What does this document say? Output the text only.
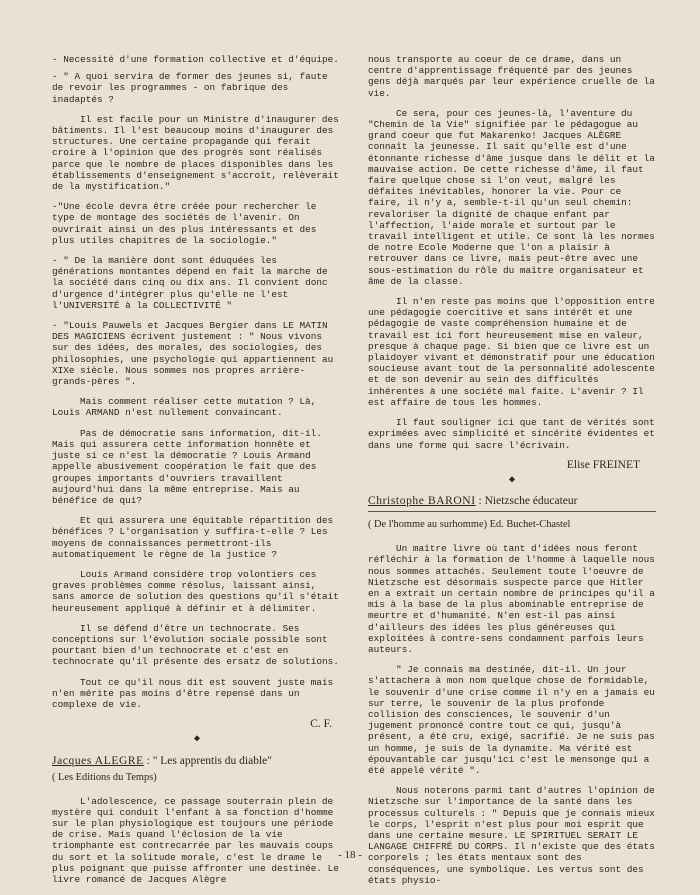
- Necessité d'une formation collective et d'équipe.

- " A quoi servira de former des jeunes si, faute de revoir les programmes - on fabrique des inadaptés ?

Il est facile pour un Ministre d'inaugurer des bâtiments. Il l'est beaucoup moins d'inaugurer des structures. Une certaine propagande qui ferait croire à l'opinion que des progrès sont réalisés parce que le nombre de places disponibles dans les établissements d'enseignement s'accroît, relèverait de la mystification."

-"Une école devra être créée pour rechercher le type de montage des sociétés de l'avenir. On ouvrirait ainsi un des plus intéressants et des plus utiles chapitres de la sociologie."

- " De la manière dont sont éduquées les générations montantes dépend en fait la marche de la société dans cinq ou dix ans. Il convient donc d'urgence d'intégrer plus qu'elle ne l'est l'UNIVERSITÉ à la COLLECTIVITÉ "

- "Louis Pauwels et Jacques Bergier dans LE MATIN DES MAGICIENS écrivent justement : " Nous vivons sur des idées, des morales, des sociologies, des philosophies, une psychologie qui appartiennent au XIXe siècle. Nous sommes nos propres arrière-grands-pères ".

Mais comment réaliser cette mutation ? Là, Louis ARMAND n'est nullement convaincant.

Pas de démocratie sans information, dit-il. Mais qui assurera cette information honnête et juste si ce n'est la démocratie ? Louis Armand appelle abusivement coopération le fait que des groupes importants d'ouvriers travaillent aujourd'hui dans la même entreprise. Mais au bénéfice de qui?

Et qui assurera une équitable répartition des bénéfices ? L'organisation y suffira-t-elle ? Les moyens de connaissances permettront-ils automatiquement le règne de la justice ?

Louis Armand considère trop volontiers ces graves problèmes comme résolus, laissant ainsi, sans amorce de solution des questions qu'il s'était heureusement appliqué à définir et à délimiter.

Il se défend d'être un technocrate. Ses conceptions sur l'évolution sociale possible sont pourtant bien d'un technocrate et c'est en technocrate qu'il présente des ersatz de solutions.

Tout ce qu'il nous dit est souvent juste mais n'en mérite pas moins d'être repensé dans un complexe de vie.

C. F.
◆
Jacques ALEGRE : " Les apprentis du diable"
( Les Editions du Temps)

L'adolescence, ce passage souterrain plein de mystère qui conduit l'enfant à sa fonction d'homme sur le plan physiologique est toujours une période de crise. Mais quand l'éclosion de la vie triomphante est contrecarrée par les mauvais coups du sort et la solitude morale, c'est le drame le plus poignant que puisse affronter une destinée. Le livre romancé de Jacques Alègre

nous transporte au coeur de ce drame, dans un centre d'apprentissage fréquenté par des jeunes gens déjà marqués par leur expérience cruelle de la vie.

Ce sera, pour ces jeunes-là, l'aventure du "Chemin de la Vie" signifiée par le pédagogue au grand coeur que fut Makarenko! Jacques ALÈGRE connaît la jeunesse. Il sait qu'elle est d'une étonnante richesse d'âme jusque dans le délit et la mauvaise action. De cette richesse d'âme, il faut faire quelque chose si l'on veut, malgré les défaites inévitables, honorer la vie. Pour ce faire, il n'y a, semble-t-il qu'un seul chemin: revaloriser la dignité de chaque enfant par l'affection, l'aide morale et surtout par le travail intelligent et utile. Ce sont là les normes de notre Ecole Moderne que l'on a plaisir à retrouver dans ce livre, mais peut-être avec une sous-estimation du rôle du maître organisateur et âme de la classe.

Il n'en reste pas moins que l'opposition entre une pédagogie coercitive et sans intérêt et une pédagogie de vaste compréhension humaine et de travail est ici fort heureusement mise en valeur, presque à chaque page. Si bien que ce livre est un plaidoyer vivant et démonstratif pour une éducation soucieuse avant tout de la personnalité adolescente et de son devenir au sein des difficultés inhérentes à une société mal faite. L'avenir ? Il est affaire de tous les hommes.

Il faut souligner ici que tant de vérités sont exprimées avec simplicité et sincérité évidentes et dans une forme qui sacre l'écrivain.

Elise FREINET
◆
Christophe BARONI : Nietzsche éducateur
( De l'homme au surhomme) Ed. Buchet-Chastel

Un maître livre où tant d'idées nous feront réfléchir à la formation de l'homme à laquelle nous nous sommes attachés. Seulement toute l'oeuvre de Nietzsche est désormais suspecte parce que Hitler en a extrait un certain nombre de principes qu'il a mis à la base de la plus abominable entreprise de meurtre et d'humanité. N'en est-il pas ainsi d'ailleurs des idées les plus généreuses qui exploitées à contre-sens condamnent parfois leurs auteurs.

" Je connais ma destinée, dit-il. Un jour s'attachera à mon nom quelque chose de formidable, le souvenir d'une crise comme il n'y en a jamais eu sur terre, le souvenir de la plus profonde collision des consciences, le souvenir d'un jugement prononcé contre tout ce qui, jusqu'à présent, a été cru, exigé, sacrifié. Je ne suis pas un homme, je suis de la dynamite. Ma vérité est épouvantable car jusqu'ici c'est le mensonge qui a été appelé vérité ".

Nous noterons parmi tant d'autres l'opinion de Nietzsche sur l'importance de la santé dans les processus culturels : " Depuis que je connais mieux le corps, l'esprit n'est plus pour moi esprit que dans une certaine mesure. LE SPIRITUEL SERAIT LE LANGAGE CHIFFRÉ DU CORPS. Il n'existe que des états corporels ; les états mentaux sont des conséquences, une symbolique. Les vertus sont des états physio-

- 18 -
